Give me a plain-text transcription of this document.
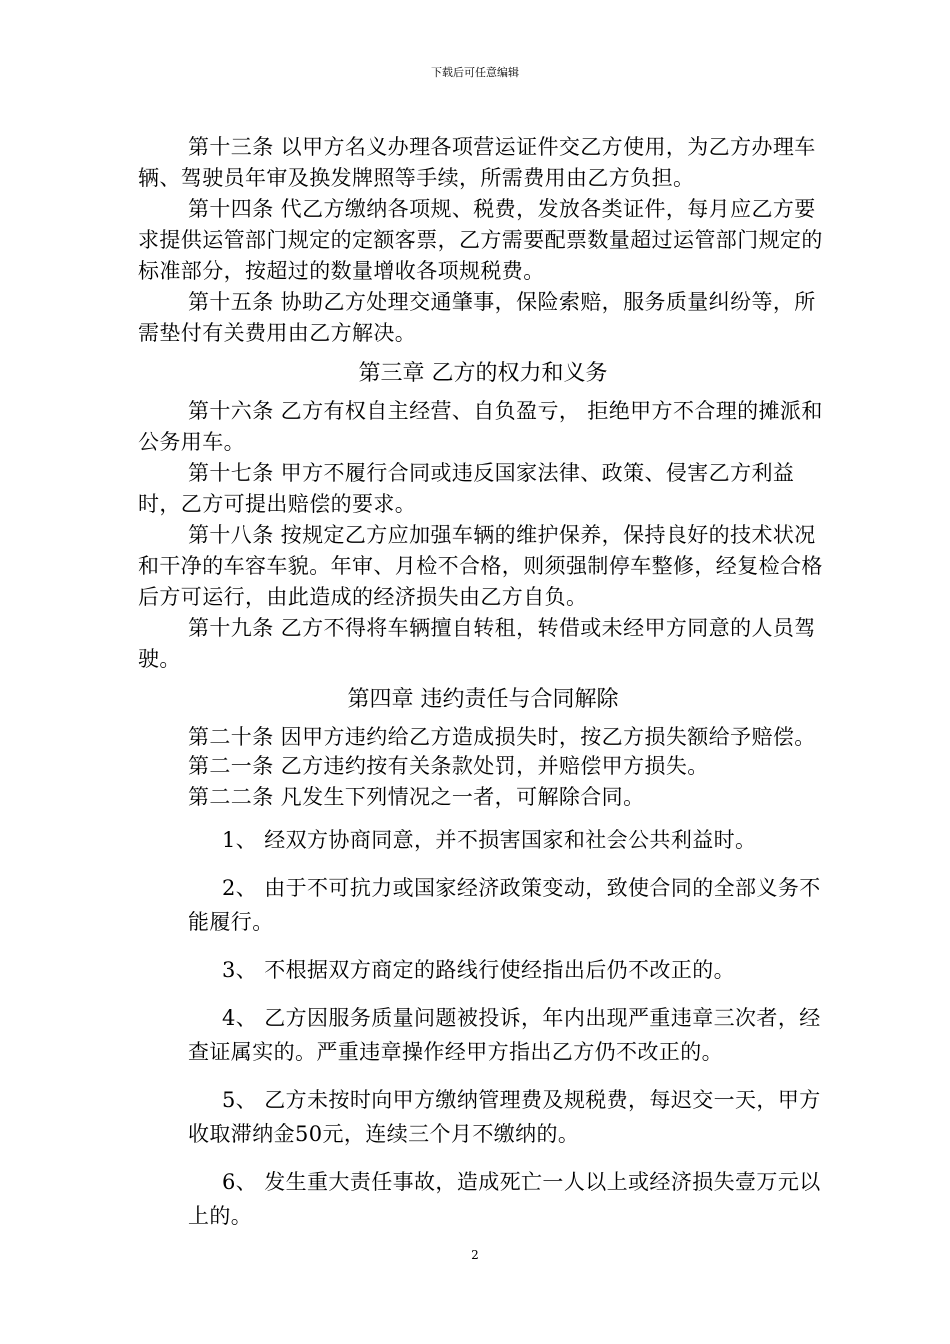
下载后可任意编辑

第十三条 以甲方名义办理各项营运证件交乙方使用，为乙方办理车辆、驾驶员年审及换发牌照等手续，所需费用由乙方负担。

第十四条 代乙方缴纳各项规、税费，发放各类证件，每月应乙方要求提供运管部门规定的定额客票，乙方需要配票数量超过运管部门规定的标准部分，按超过的数量增收各项规税费。

第十五条 协助乙方处理交通肇事，保险索赔，服务质量纠纷等，所需垫付有关费用由乙方解决。

第三章 乙方的权力和义务

第十六条 乙方有权自主经营、自负盈亏， 拒绝甲方不合理的摊派和公务用车。

第十七条 甲方不履行合同或违反国家法律、政策、侵害乙方利益时，乙方可提出赔偿的要求。

第十八条 按规定乙方应加强车辆的维护保养，保持良好的技术状况和干净的车容车貌。年审、月检不合格，则须强制停车整修，经复检合格后方可运行，由此造成的经济损失由乙方自负。

第十九条 乙方不得将车辆擅自转租，转借或未经甲方同意的人员驾驶。

第四章 违约责任与合同解除

第二十条 因甲方违约给乙方造成损失时，按乙方损失额给予赔偿。

第二一条 乙方违约按有关条款处罚，并赔偿甲方损失。

第二二条 凡发生下列情况之一者，可解除合同。

1、 经双方协商同意，并不损害国家和社会公共利益时。

2、 由于不可抗力或国家经济政策变动，致使合同的全部义务不能履行。

3、 不根据双方商定的路线行使经指出后仍不改正的。

4、 乙方因服务质量问题被投诉，年内出现严重违章三次者，经查证属实的。严重违章操作经甲方指出乙方仍不改正的。

5、 乙方未按时向甲方缴纳管理费及规税费，每迟交一天，甲方收取滞纳金50元，连续三个月不缴纳的。

6、 发生重大责任事故，造成死亡一人以上或经济损失壹万元以上的。

2
